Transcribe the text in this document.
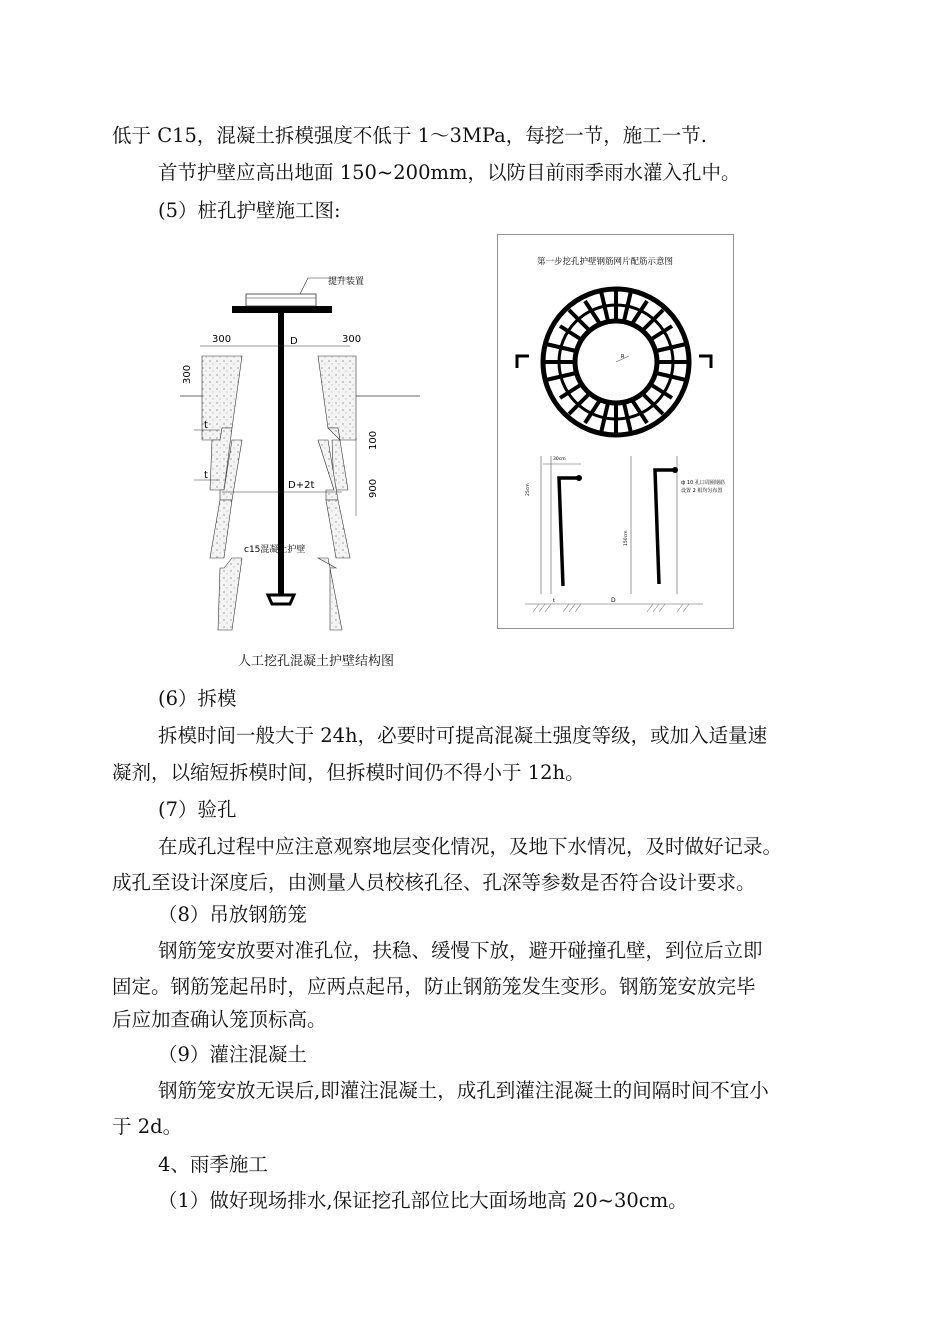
低于 C15，混凝土拆模强度不低于 1～3MPa，每挖一节，施工一节.
首节护壁应高出地面 150~200mm，以防目前雨季雨水灌入孔中。
(5）桩孔护壁施工图:
提升装置
300	D	300
300
t
t
100
900
D+2t
c15混凝土护壁
人工挖孔混凝土护壁结构图
第一步挖孔护壁钢筋网片配筋示意图
R
30cm
25cm
150cm
ф 10 孔口周圈钢筋
设置 2 根均匀布置
t	D
(6）拆模
拆模时间一般大于 24h，必要时可提高混凝土强度等级，或加入适量速
凝剂，以缩短拆模时间，但拆模时间仍不得小于 12h。
(7）验孔
在成孔过程中应注意观察地层变化情况，及地下水情况，及时做好记录。
成孔至设计深度后，由测量人员校核孔径、孔深等参数是否符合设计要求。
（8）吊放钢筋笼
钢筋笼安放要对准孔位，扶稳、缓慢下放，避开碰撞孔壁，到位后立即
固定。钢筋笼起吊时，应两点起吊，防止钢筋笼发生变形。钢筋笼安放完毕
后应加查确认笼顶标高。
（9）灌注混凝土
钢筋笼安放无误后,即灌注混凝土，成孔到灌注混凝土的间隔时间不宜小
于 2d。
4、雨季施工
（1）做好现场排水,保证挖孔部位比大面场地高 20~30cm。
